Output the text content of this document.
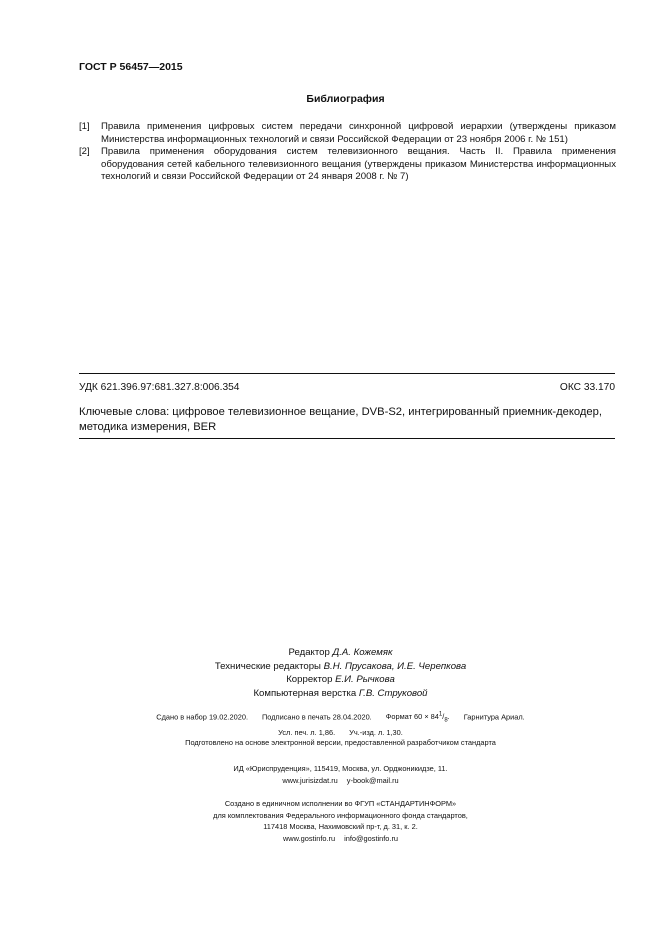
ГОСТ Р 56457—2015
Библиография
[1]	Правила применения цифровых систем передачи синхронной цифровой иерархии (утверждены приказом Министерства информационных технологий и связи Российской Федерации от 23 ноября 2006 г. № 151)
[2]	Правила применения оборудования систем телевизионного вещания. Часть II. Правила применения оборудования сетей кабельного телевизионного вещания (утверждены приказом Министерства информационных технологий и связи Российской Федерации от 24 января 2008 г. № 7)
УДК 621.396.97:681.327.8:006.354	ОКС 33.170
Ключевые слова: цифровое телевизионное вещание, DVB-S2, интегрированный приемник-декодер, методика измерения, BER
Редактор Д.А. Кожемяк
Технические редакторы В.Н. Прусакова, И.Е. Черепкова
Корректор Е.И. Рычкова
Компьютерная верстка Г.В. Струковой
Сдано в набор 19.02.2020. Подписано в печать 28.04.2020. Формат $60 \times 84^1/_8$. Гарнитура Ариал.
Усл. печ. л. 1,86. Уч.-изд. л. 1,30.
Подготовлено на основе электронной версии, предоставленной разработчиком стандарта
ИД «Юриспруденция», 115419, Москва, ул. Орджоникидзе, 11.
www.jurisizdat.ru y-book@mail.ru
Создано в единичном исполнении во ФГУП «СТАНДАРТИНФОРМ»
для комплектования Федерального информационного фонда стандартов,
117418 Москва, Нахимовский пр-т, д. 31, к. 2.
www.gostinfo.ru info@gostinfo.ru
